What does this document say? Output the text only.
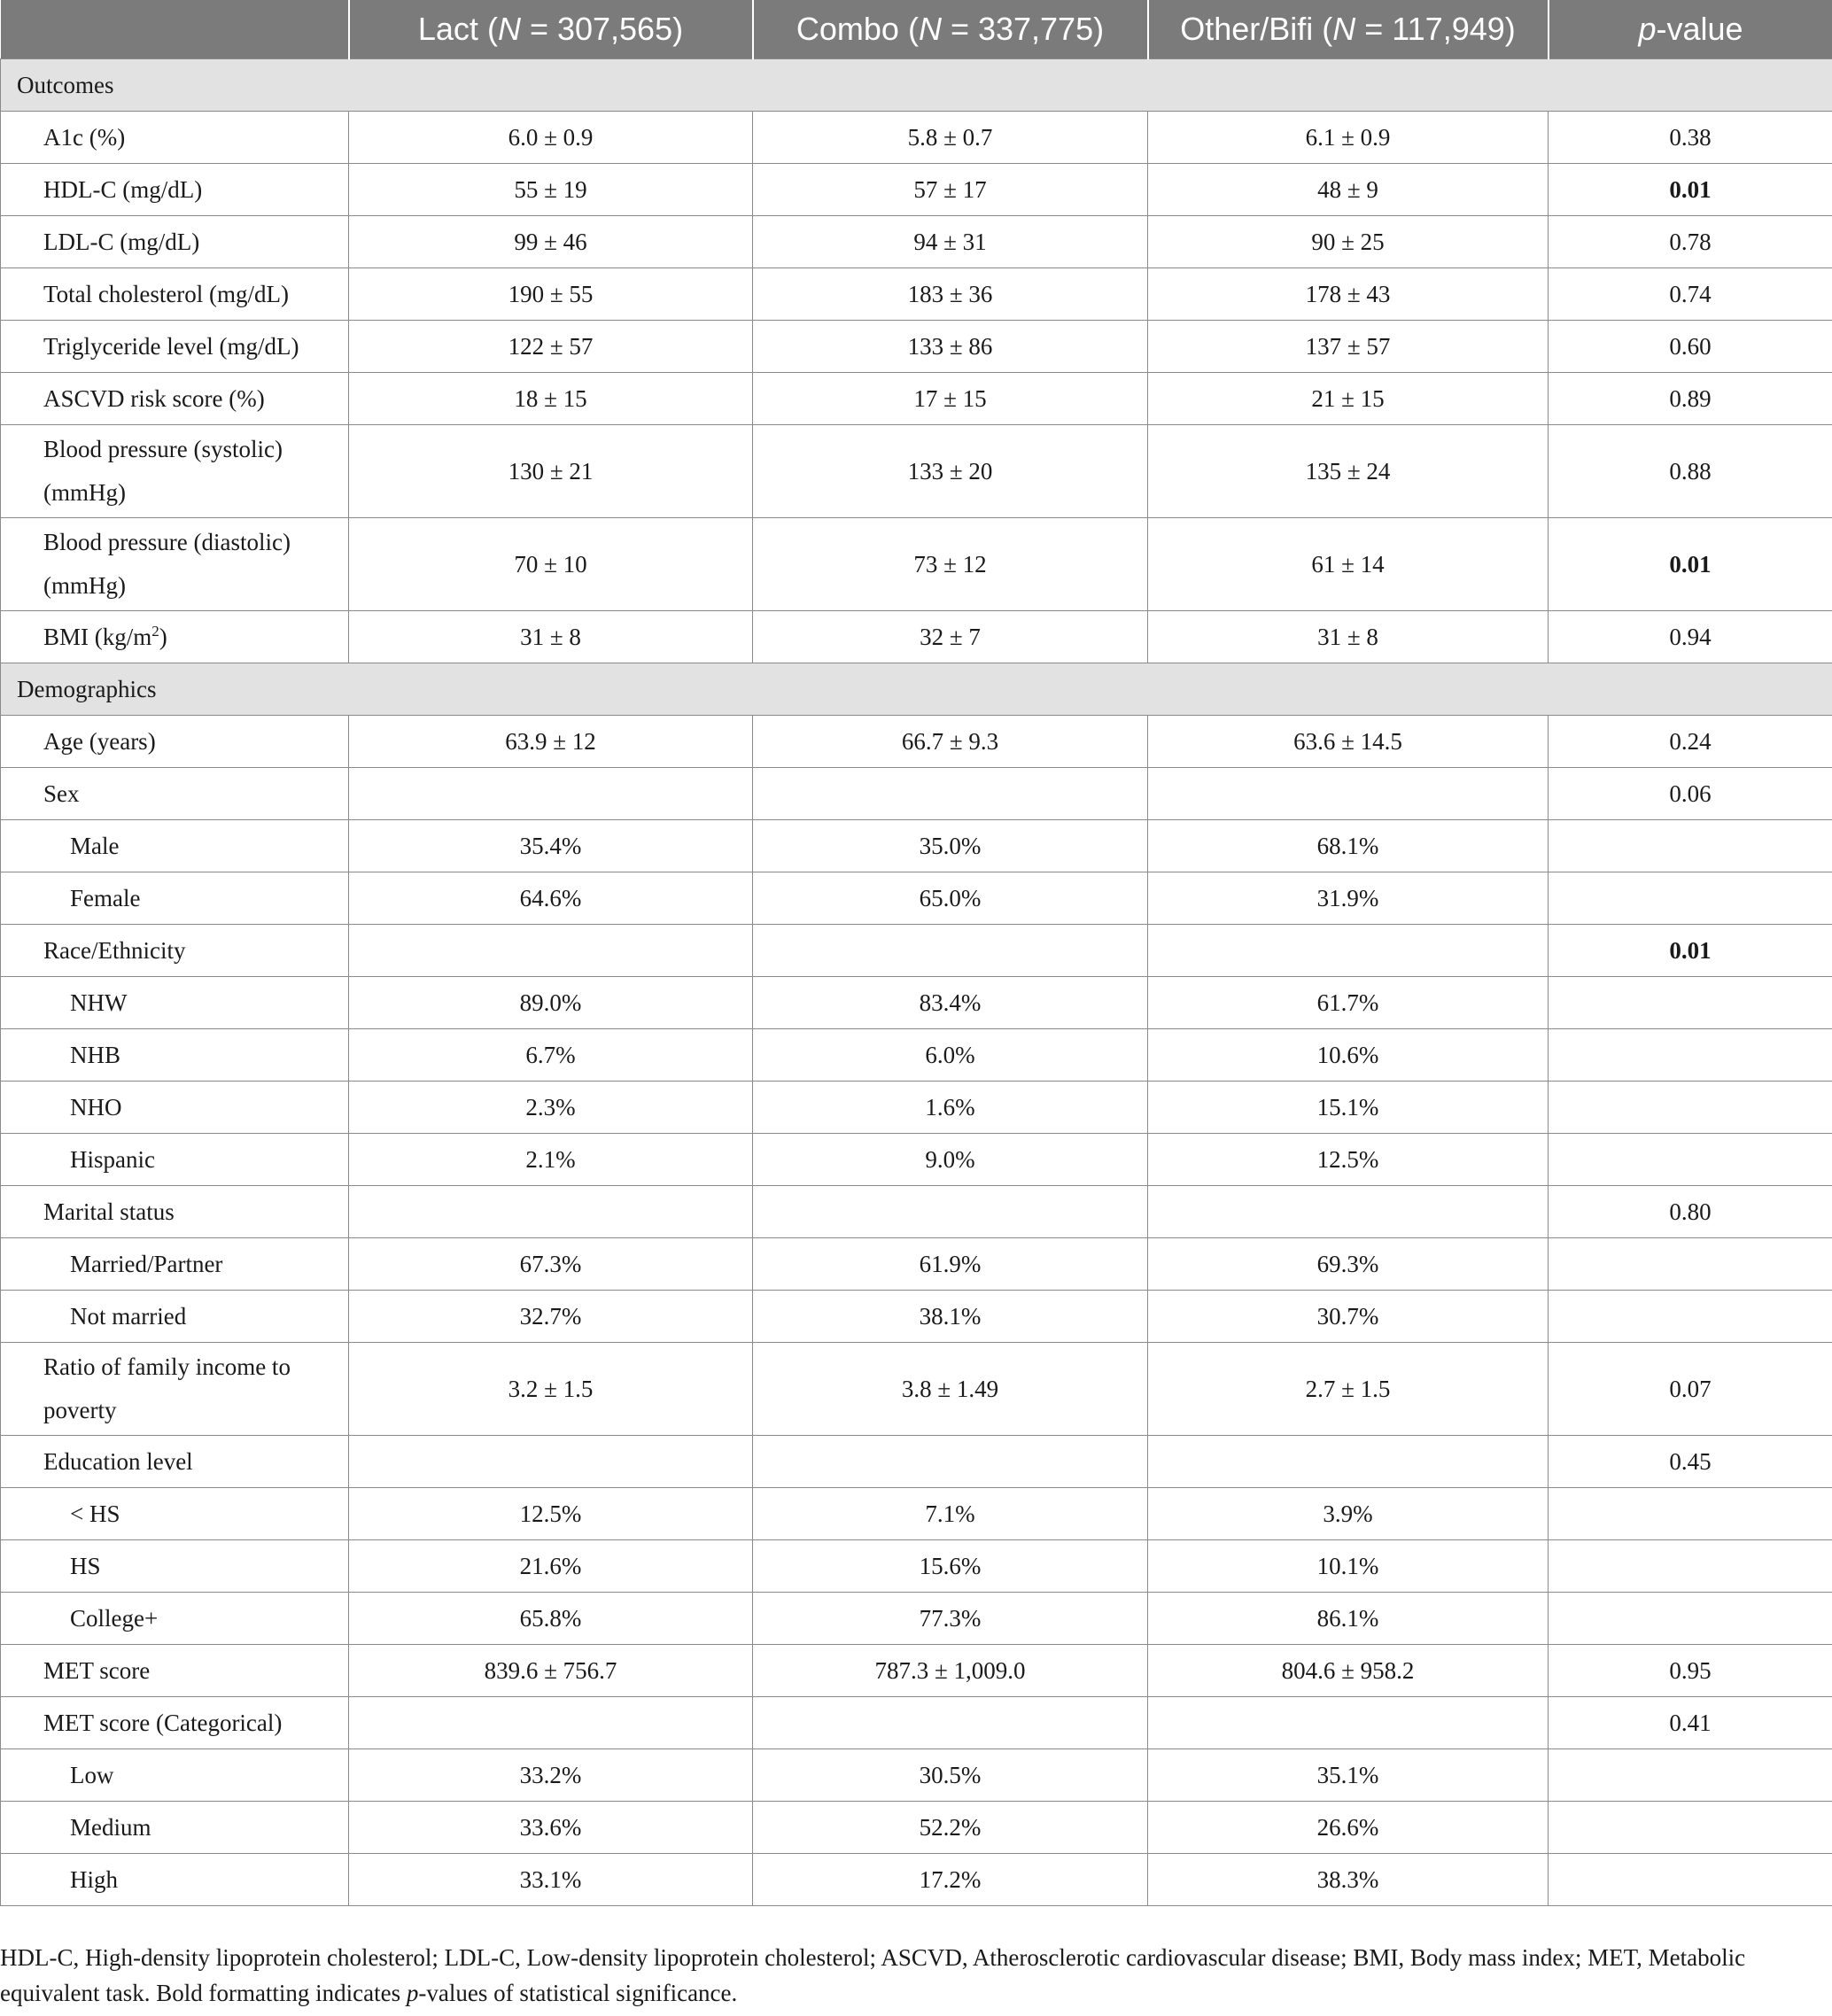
	Lact (N = 307,565)	Combo (N = 337,775)	Other/Bifi (N = 117,949)	p-value
Outcomes				
A1c (%)	6.0 ± 0.9	5.8 ± 0.7	6.1 ± 0.9	0.38
HDL-C (mg/dL)	55 ± 19	57 ± 17	48 ± 9	0.01
LDL-C (mg/dL)	99 ± 46	94 ± 31	90 ± 25	0.78
Total cholesterol (mg/dL)	190 ± 55	183 ± 36	178 ± 43	0.74
Triglyceride level (mg/dL)	122 ± 57	133 ± 86	137 ± 57	0.60
ASCVD risk score (%)	18 ± 15	17 ± 15	21 ± 15	0.89
Blood pressure (systolic) (mmHg)	130 ± 21	133 ± 20	135 ± 24	0.88
Blood pressure (diastolic) (mmHg)	70 ± 10	73 ± 12	61 ± 14	0.01
BMI $(kg/m^2)$	31 ± 8	32 ± 7	31 ± 8	0.94
Demographics				
Age (years)	63.9 ± 12	66.7 ± 9.3	63.6 ± 14.5	0.24
Sex				0.06
Male	35.4%	35.0%	68.1%	
Female	64.6%	65.0%	31.9%	
Race/Ethnicity				0.01
NHW	89.0%	83.4%	61.7%	
NHB	6.7%	6.0%	10.6%	
NHO	2.3%	1.6%	15.1%	
Hispanic	2.1%	9.0%	12.5%	
Marital status				0.80
Married/Partner	67.3%	61.9%	69.3%	
Not married	32.7%	38.1%	30.7%	
Ratio of family income to poverty	3.2 ± 1.5	3.8 ± 1.49	2.7 ± 1.5	0.07
Education level				0.45
< HS	12.5%	7.1%	3.9%	
HS	21.6%	15.6%	10.1%	
College+	65.8%	77.3%	86.1%	
MET score	839.6 ± 756.7	787.3 ± 1,009.0	804.6 ± 958.2	0.95
MET score (Categorical)				0.41
Low	33.2%	30.5%	35.1%	
Medium	33.6%	52.2%	26.6%	
High	33.1%	17.2%	38.3%	
HDL-C, High-density lipoprotein cholesterol; LDL-C, Low-density lipoprotein cholesterol; ASCVD, Atherosclerotic cardiovascular disease; BMI, Body mass index; MET, Metabolic equivalent task. Bold formatting indicates p-values of statistical significance.
